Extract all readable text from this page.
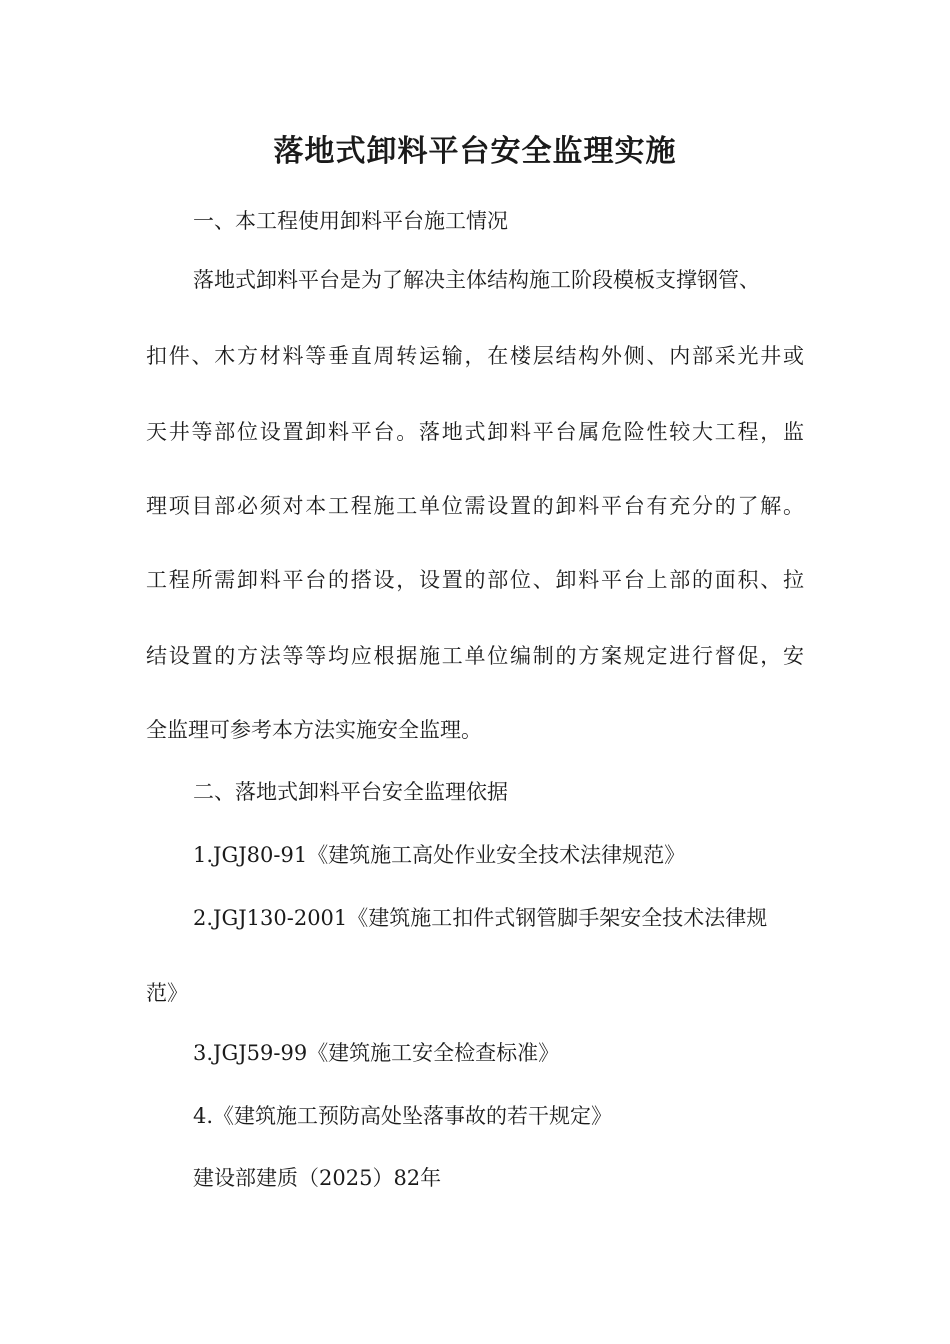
落地式卸料平台安全监理实施

一、本工程使用卸料平台施工情况

落地式卸料平台是为了解决主体结构施工阶段模板支撑钢管、

扣件、木方材料等垂直周转运输，在楼层结构外侧、内部采光井或

天井等部位设置卸料平台。落地式卸料平台属危险性较大工程，监

理项目部必须对本工程施工单位需设置的卸料平台有充分的了解。

工程所需卸料平台的搭设，设置的部位、卸料平台上部的面积、拉

结设置的方法等等均应根据施工单位编制的方案规定进行督促，安

全监理可参考本方法实施安全监理。

二、落地式卸料平台安全监理依据

1.JGJ80-91《建筑施工高处作业安全技术法律规范》

2.JGJ130-2001《建筑施工扣件式钢管脚手架安全技术法律规

范》

3.JGJ59-99《建筑施工安全检查标准》

4.《建筑施工预防高处坠落事故的若干规定》

建设部建质（2025）82年
